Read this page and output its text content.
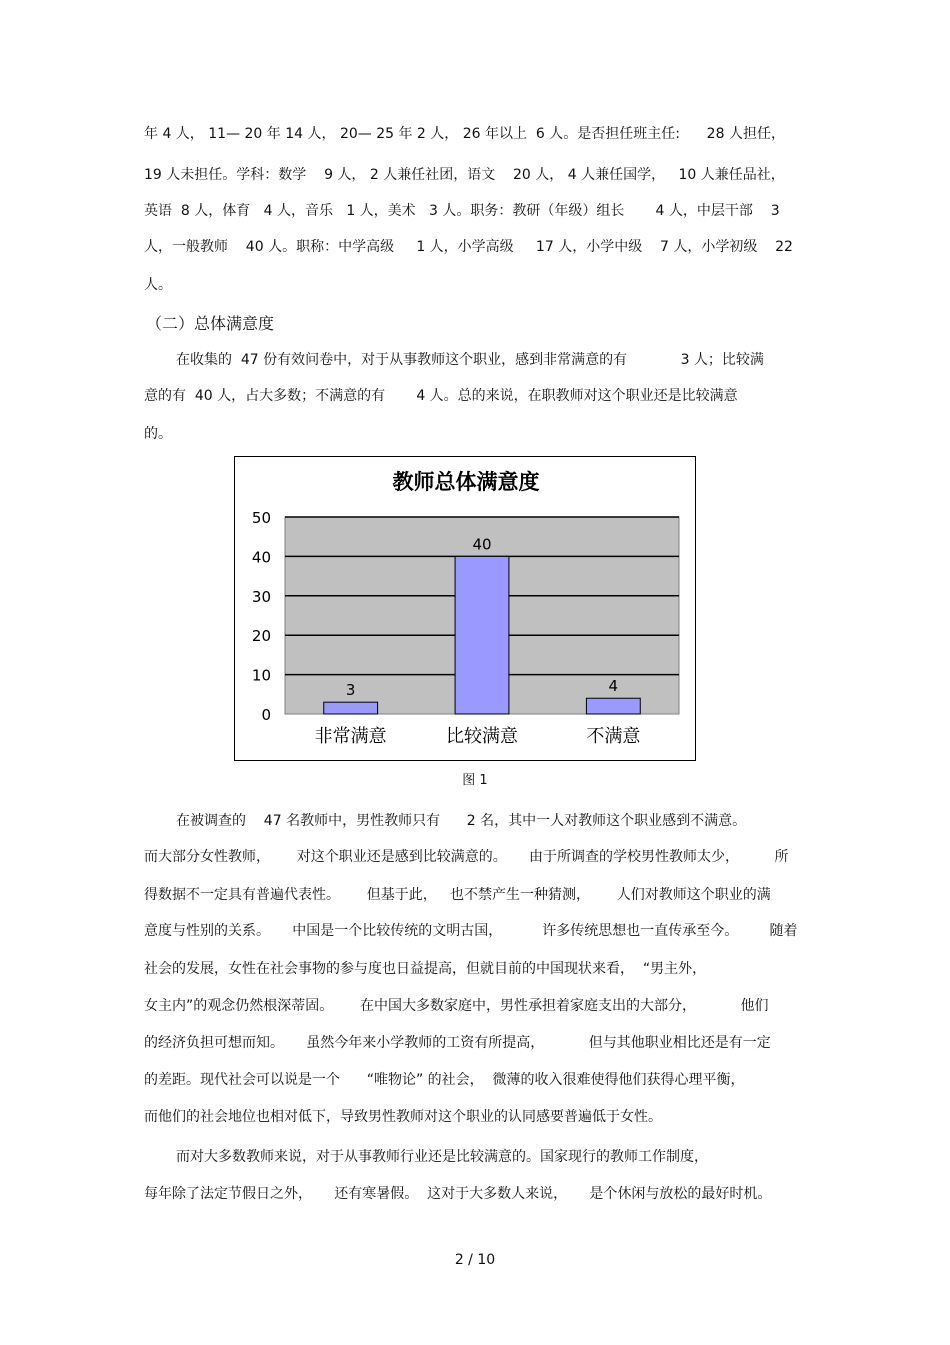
年 4 人， 11— 20 年 14 人， 20— 25 年 2 人， 26 年以上  6 人。是否担任班主任:      28 人担任，
19 人未担任。学科：数学    9 人， 2 人兼任社团，语文    20 人， 4 人兼任国学，   10 人兼任品社，
英语  8 人，体育   4 人，音乐   1 人，美术   3 人。职务：教研（年级）组长       4 人，中层干部    3
人，一般教师    40 人。职称：中学高级     1 人，小学高级     17 人，小学中级    7 人，小学初级    22
人。
（二）总体满意度
在收集的  47 份有效问卷中，对于从事教师这个职业，感到非常满意的有            3 人；比较满
意的有  40 人，占大多数；不满意的有       4 人。总的来说，在职教师对这个职业还是比较满意
的。
教师总体满意度
0
10
20
30
40
50
3
非常满意
40
比较满意
4
不满意
图 1
在被调查的    47 名教师中，男性教师只有      2 名，其中一人对教师这个职业感到不满意。
而大部分女性教师，      对这个职业还是感到比较满意的。     由于所调查的学校男性教师太少，        所
得数据不一定具有普遍代表性。      但基于此，   也不禁产生一种猜测，      人们对教师这个职业的满
意度与性别的关系。     中国是一个比较传统的文明古国，         许多传统思想也一直传承至今。       随着
社会的发展，女性在社会事物的参与度也日益提高，但就目前的中国现状来看，  “男主外，
女主内”的观念仍然根深蒂固。      在中国大多数家庭中，男性承担着家庭支出的大部分，          他们
的经济负担可想而知。     虽然今年来小学教师的工资有所提高，          但与其他职业相比还是有一定
的差距。现代社会可以说是一个      “唯物论” 的社会，  微薄的收入很难使得他们获得心理平衡，
而他们的社会地位也相对低下，导致男性教师对这个职业的认同感要普遍低于女性。
而对大多数教师来说，对于从事教师行业还是比较满意的。国家现行的教师工作制度，
每年除了法定节假日之外，     还有寒暑假。  这对于大多数人来说，     是个休闲与放松的最好时机。
2 / 10
